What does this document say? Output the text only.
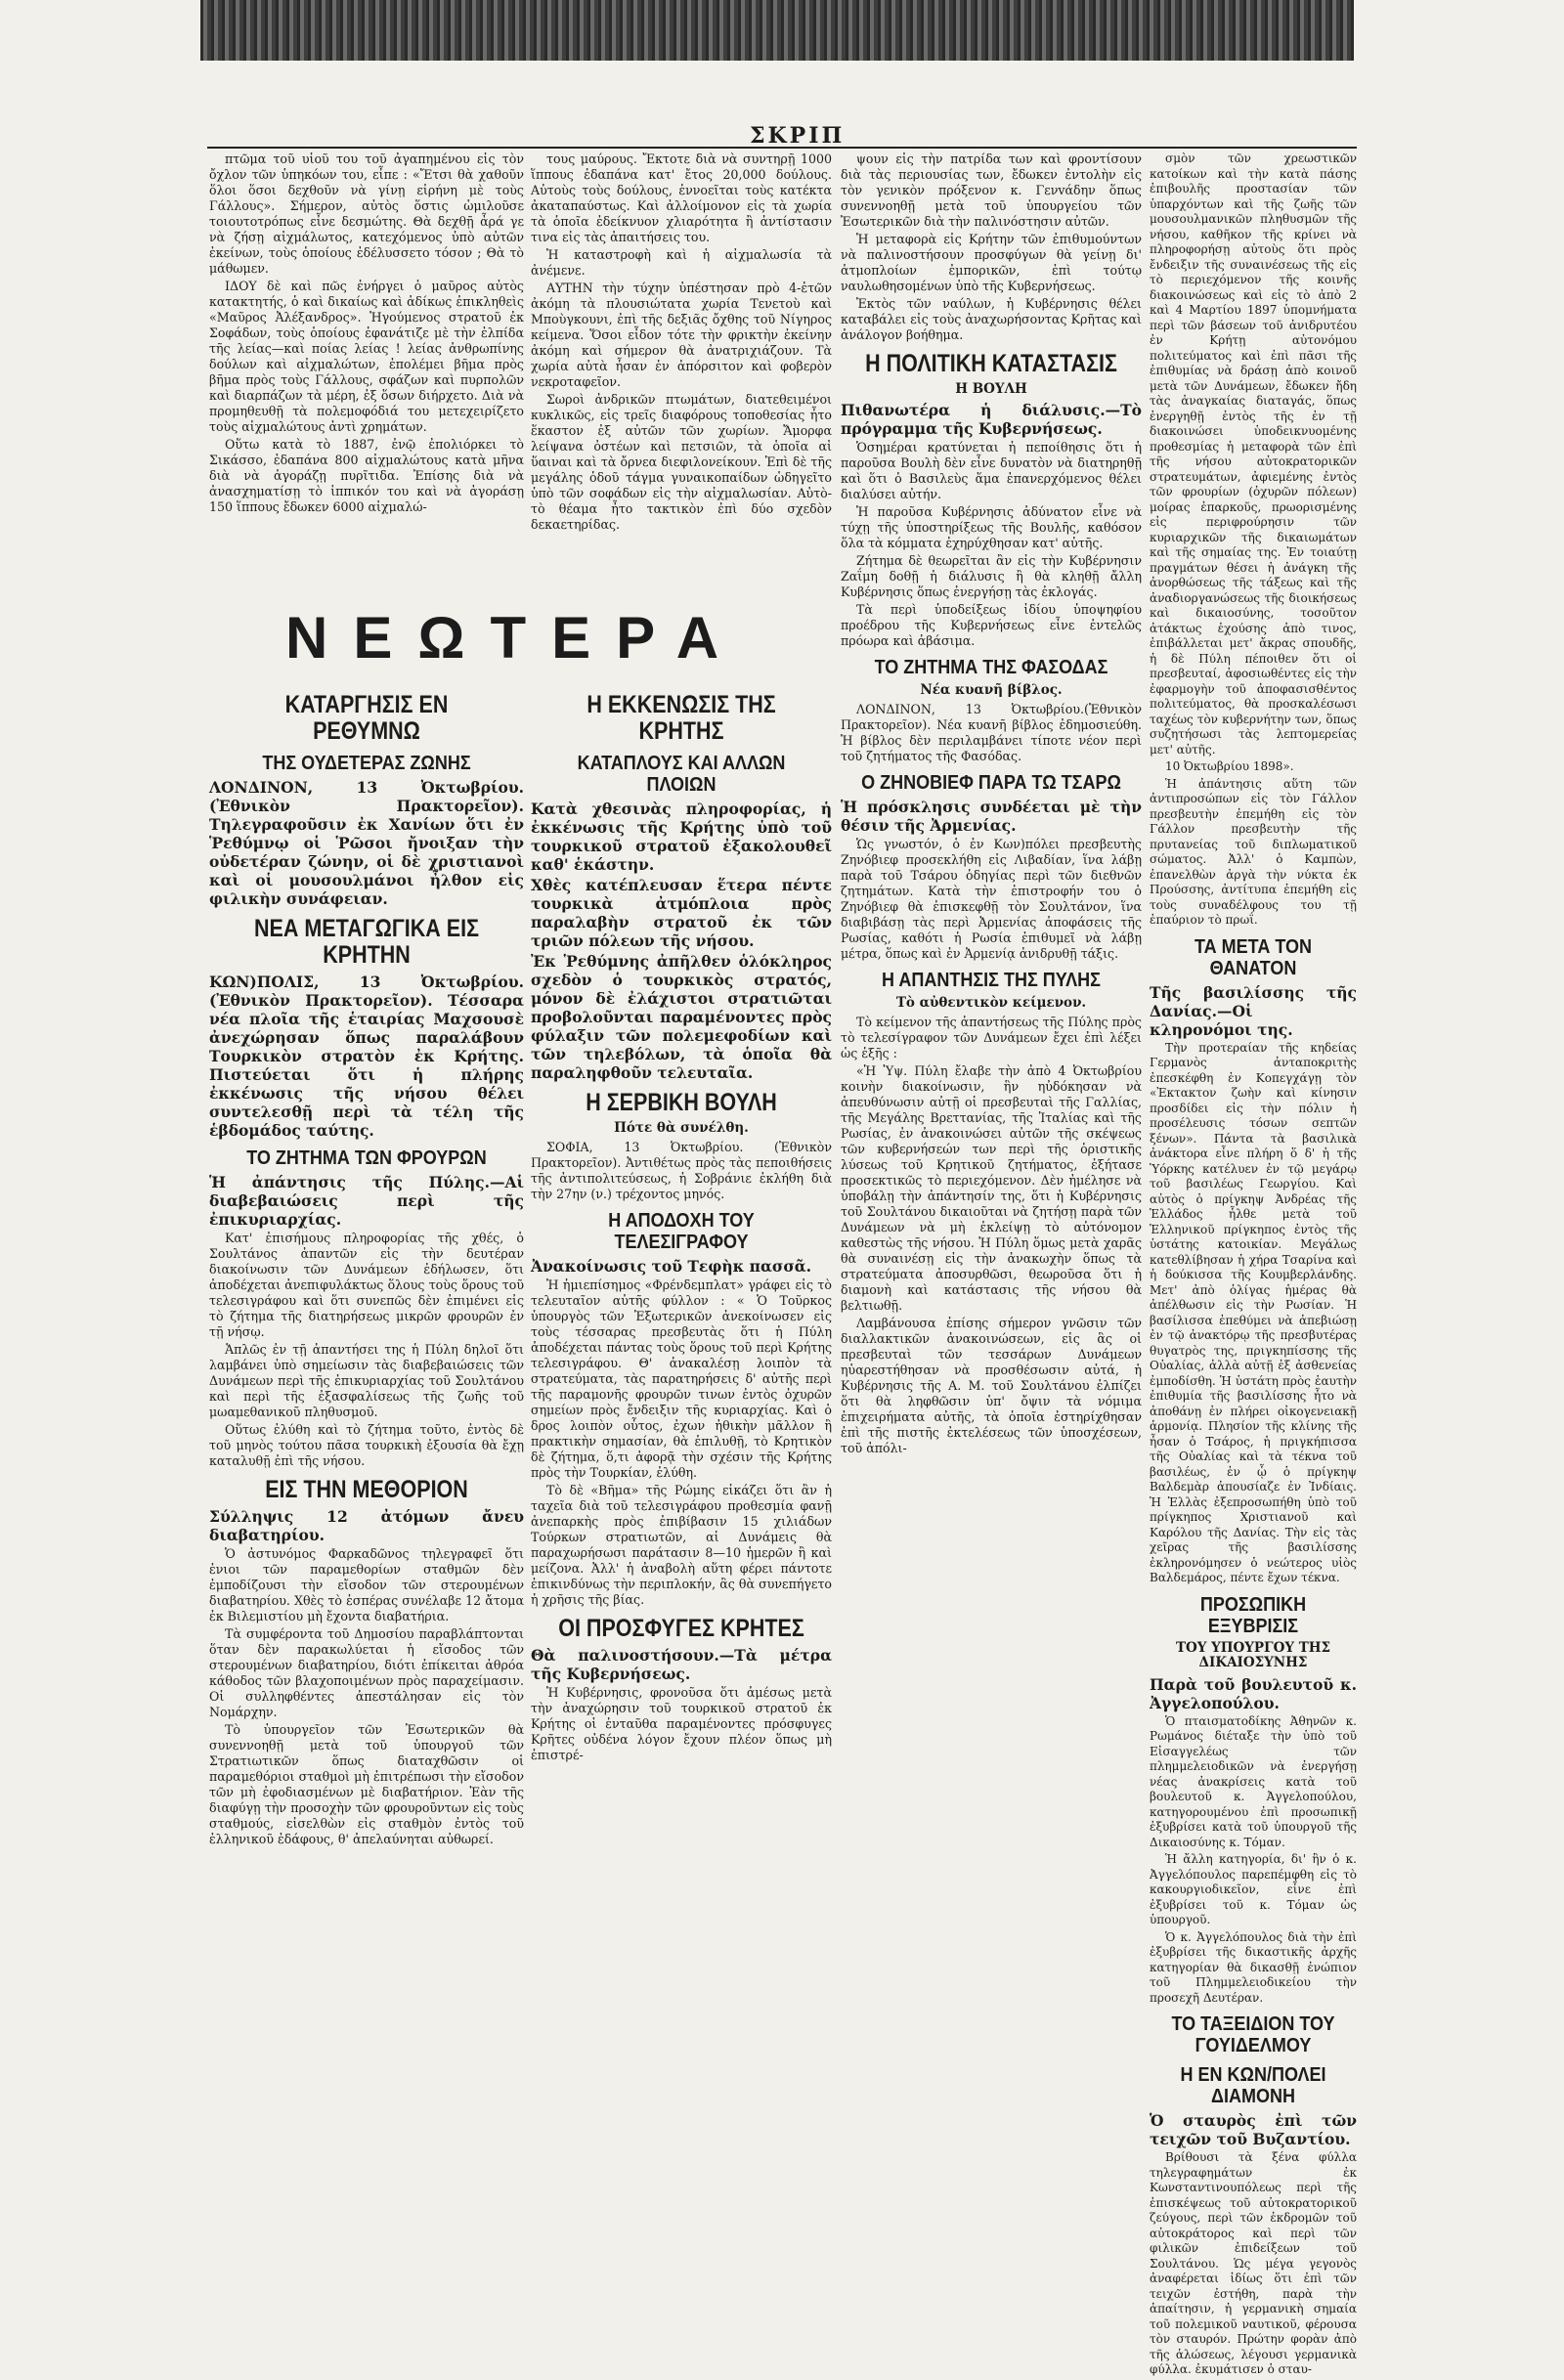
ΣΚΡΙΠ

πτῶμα τοῦ υἱοῦ του τοῦ ἀγαπημένου εἰς τὸν ὄχλον τῶν ὑπηκόων του, εἶπε : «Ἔτσι θὰ χαθοῦν ὅλοι ὅσοι δεχθοῦν νὰ γίνῃ εἰρήνη μὲ τοὺς Γάλλους». Σήμερον, αὐτὸς ὅστις ὡμιλοῦσε τοιουτοτρόπως εἶνε δεσμώτης. Θὰ δεχθῇ ἆρά γε νὰ ζήσῃ αἰχμάλωτος, κατεχόμενος ὑπὸ αὐτῶν ἐκείνων, τοὺς ὁποίους ἐδέλυσσετο τόσον ; Θὰ τὸ μάθωμεν.

ΙΔΟΥ δὲ καὶ πῶς ἐνήργει ὁ μαῦρος αὐτὸς κατακτητής, ὁ καὶ δικαίως καὶ ἀδίκως ἐπικληθεὶς «Μαῦρος Ἀλέξανδρος». Ἡγούμενος στρατοῦ ἐκ Σοφάδων, τοὺς ὁποίους ἐφανάτιζε μὲ τὴν ἐλπίδα τῆς λείας—καὶ ποίας λείας ! λείας ἀνθρωπίνης δούλων καὶ αἰχμαλώτων, ἐπολέμει βῆμα πρὸς βῆμα πρὸς τοὺς Γάλλους, σφάζων καὶ πυρπολῶν καὶ διαρπάζων τὰ μέρη, ἐξ ὅσων διήρχετο. Διὰ νὰ προμηθευθῇ τὰ πολεμοφόδιά του μετεχειρίζετο τοὺς αἰχμαλώτους ἀντὶ χρημάτων.

Οὕτω κατὰ τὸ 1887, ἐνῷ ἐπολιόρκει τὸ Σικάσσο, ἐδαπάνα 800 αἰχμαλώτους κατὰ μῆνα διὰ νὰ ἀγοράζῃ πυρῖτιδα. Ἐπίσης διὰ νὰ ἀνασχηματίσῃ τὸ ἱππικόν του καὶ νὰ ἀγοράσῃ 150 ἵππους ἔδωκεν 6000 αἰχμαλώ-

τους μαύρους. Ἔκτοτε διὰ νὰ συντηρῇ 1000 ἵππους ἐδαπάνα κατ' ἔτος 20,000 δούλους. Αὐτοὺς τοὺς δούλους, ἐννοεῖται τοὺς κατέκτα ἀκαταπαύστως. Καὶ ἀλλοίμονον εἰς τὰ χωρία τὰ ὁποῖα ἐδείκνυον χλιαρότητα ἢ ἀντίστασιν τινα εἰς τὰς ἀπαιτήσεις του.

Ἡ καταστροφὴ καὶ ἡ αἰχμαλωσία τὰ ἀνέμενε.

ΑΥΤΗΝ τὴν τύχην ὑπέστησαν πρὸ 4-ἐτῶν ἀκόμη τὰ πλουσιώτατα χωρία Τενετοὺ καὶ Μποὺγκουνι, ἐπὶ τῆς δεξιᾶς ὄχθης τοῦ Νίγηρος κείμενα. Ὅσοι εἶδον τότε τὴν φρικτὴν ἐκείνην ἀκόμη καὶ σήμερον θὰ ἀνατριχιάζουν. Τὰ χωρία αὐτὰ ἦσαν ἐν ἀπόρσιτον καὶ φοβερὸν νεκροταφεῖον.

Σωροὶ ἀνδρικῶν πτωμάτων, διατεθειμένοι κυκλικῶς, εἰς τρεῖς διαφόρους τοποθεσίας ἦτο ἕκαστον ἐξ αὐτῶν τῶν χωρίων. Ἄμορφα λείψανα ὀστέων καὶ πετσιῶν, τὰ ὁποῖα αἱ ὕαιναι καὶ τὰ ὄρνεα διεφιλονείκουν. Ἐπὶ δὲ τῆς μεγάλης ὁδοῦ τάγμα γυναικοπαίδων ὡδηγεῖτο ὑπὸ τῶν σοφάδων εἰς τὴν αἰχμαλωσίαν. Αὐτὸ-τὸ θέαμα ἦτο τακτικὸν ἐπὶ δύο σχεδὸν δεκαετηρίδας.

ΝΕΩΤΕΡΑ
ΚΑΤΑΡΓΗΣΙΣ ΕΝ ΡΕΘΥΜΝΩ
ΤΗΣ ΟΥΔΕΤΕΡΑΣ ΖΩΝΗΣ

ΛΟΝΔΙΝΟΝ, 13 Ὀκτωβρίου. (Ἐθνικὸν Πρακτορεῖον). Τηλεγραφοῦσιν ἐκ Χανίων ὅτι ἐν Ῥεθύμνῳ οἱ Ῥῶσοι ἤνοιξαν τὴν οὐδετέραν ζώνην, οἱ δὲ χριστιανοὶ καὶ οἱ μουσουλμάνοι ἦλθον εἰς φιλικὴν συνάφειαν.

ΝΕΑ ΜΕΤΑΓΩΓΙΚΑ ΕΙΣ ΚΡΗΤΗΝ

ΚΩΝ)ΠΟΛΙΣ, 13 Ὀκτωβρίου. (Ἐθνικὸν Πρακτορεῖον). Τέσσαρα νέα πλοῖα τῆς ἑταιρίας Μαχσουσὲ ἀνεχώρησαν ὅπως παραλάβουν Τουρκικὸν στρατὸν ἐκ Κρήτης. Πιστεύεται ὅτι ἡ πλήρης ἐκκένωσις τῆς νήσου θέλει συντελεσθῇ περὶ τὰ τέλη τῆς ἑβδομάδος ταύτης.

ΤΟ ΖΗΤΗΜΑ ΤΩΝ ΦΡΟΥΡΩΝ

Ἡ ἀπάντησις τῆς Πύλης.—Αἱ διαβεβαιώσεις περὶ τῆς ἐπικυριαρχίας.

Κατ' ἐπισήμους πληροφορίας τῆς χθές, ὁ Σουλτάνος ἀπαντῶν εἰς τὴν δευτέραν διακοίνωσιν τῶν Δυνάμεων ἐδήλωσεν, ὅτι ἀποδέχεται ἀνεπιφυλάκτως ὅλους τοὺς ὅρους τοῦ τελεσιγράφου καὶ ὅτι συνεπῶς δὲν ἐπιμένει εἰς τὸ ζήτημα τῆς διατηρήσεως μικρῶν φρουρῶν ἐν τῇ νήσῳ.

Ἁπλῶς ἐν τῇ ἀπαντήσει της ἡ Πύλη δηλοῖ ὅτι λαμβάνει ὑπὸ σημείωσιν τὰς διαβεβαιώσεις τῶν Δυνάμεων περὶ τῆς ἐπικυριαρχίας τοῦ Σουλτάνου καὶ περὶ τῆς ἐξασφαλίσεως τῆς ζωῆς τοῦ μωαμεθανικοῦ πληθυσμοῦ.

Οὕτως ἐλύθη καὶ τὸ ζήτημα τοῦτο, ἐντὸς δὲ τοῦ μηνὸς τούτου πᾶσα τουρκικὴ ἐξουσία θὰ ἔχῃ καταλυθῇ ἐπὶ τῆς νήσου.

ΕΙΣ ΤΗΝ ΜΕΘΟΡΙΟΝ

Σύλληψις 12 ἀτόμων ἄνευ διαβατηρίου.

Ὁ ἀστυνόμος Φαρκαδῶνος τηλεγραφεῖ ὅτι ἐνιοι τῶν παραμεθορίων σταθμῶν δὲν ἐμποδίζουσι τὴν εἴσοδον τῶν στερουμένων διαβατηρίου. Χθὲς τὸ ἑσπέρας συνέλαβε 12 ἄτομα ἐκ Βιλεμιστίου μὴ ἔχοντα διαβατήρια.

Τὰ συμφέροντα τοῦ Δημοσίου παραβλάπτονται ὅταν δὲν παρακωλύεται ἡ εἴσοδος τῶν στερουμένων διαβατηρίου, διότι ἐπίκειται ἀθρόα κάθοδος τῶν βλαχοποιμένων πρὸς παραχείμασιν. Οἱ συλληφθέντες ἀπεστάλησαν εἰς τὸν Νομάρχην.

Τὸ ὑπουργεῖον τῶν Ἐσωτερικῶν θὰ συνεννοηθῇ μετὰ τοῦ ὑπουργοῦ τῶν Στρατιωτικῶν ὅπως διαταχθῶσιν οἱ παραμεθόριοι σταθμοὶ μὴ ἐπιτρέπωσι τὴν εἴσοδον τῶν μὴ ἐφοδιασμένων μὲ διαβατήριον. Ἐὰν τῆς διαφύγῃ τὴν προσοχὴν τῶν φρουροῦντων εἰς τοὺς σταθμούς, εἰσελθὼν εἰς σταθμὸν ἐντὸς τοῦ ἑλληνικοῦ ἐδάφους, θ' ἀπελαύνηται αὐθωρεί.

Η ΕΚΚΕΝΩΣΙΣ ΤΗΣ ΚΡΗΤΗΣ
ΚΑΤΑΠΛΟΥΣ ΚΑΙ ΑΛΛΩΝ ΠΛΟΙΩΝ

Κατὰ χθεσινὰς πληροφορίας, ἡ ἐκκένωσις τῆς Κρήτης ὑπὸ τοῦ τουρκικοῦ στρατοῦ ἐξακολουθεῖ καθ' ἑκάστην.

Χθὲς κατέπλευσαν ἕτερα πέντε τουρκικὰ ἀτμόπλοια πρὸς παραλαβὴν στρατοῦ ἐκ τῶν τριῶν πόλεων τῆς νήσου.

Ἐκ Ῥεθύμνης ἀπῆλθεν ὁλόκληρος σχεδὸν ὁ τουρκικὸς στρατός, μόνον δὲ ἐλάχιστοι στρατιῶται προβολοῦνται παραμένοντες πρὸς φύλαξιν τῶν πολεμεφοδίων καὶ τῶν τηλεβόλων, τὰ ὁποῖα θὰ παραληφθοῦν τελευταῖα.

Η ΣΕΡΒΙΚΗ ΒΟΥΛΗ
Πότε θὰ συνέλθη.

ΣΟΦΙΑ, 13 Ὀκτωβρίου. (Ἐθνικὸν Πρακτορεῖον). Ἀντιθέτως πρὸς τὰς πεποιθήσεις τῆς ἀντιπολιτεύσεως, ἡ Σοβράνιε ἐκλήθη διὰ τὴν 27ην (ν.) τρέχοντος μηνός.

Η ΑΠΟΔΟΧΗ ΤΟΥ ΤΕΛΕΣΙΓΡΑΦΟΥ

Ἀνακοίνωσις τοῦ Τεφὴκ πασσᾶ.

Ἡ ἡμιεπίσημος «Φρένδεμπλατ» γράφει εἰς τὸ τελευταῖον αὐτῆς φύλλον : « Ὁ Τοῦρκος ὑπουργὸς τῶν Ἐξωτερικῶν ἀνεκοίνωσεν εἰς τοὺς τέσσαρας πρεσβευτὰς ὅτι ἡ Πύλη ἀποδέχεται πάντας τοὺς ὅρους τοῦ περὶ Κρήτης τελεσιγράφου. Θ' ἀνακαλέσῃ λοιπὸν τὰ στρατεύματα, τὰς παρατηρήσεις δ' αὐτῆς περὶ τῆς παραμονῆς φρουρῶν τινων ἐντὸς ὀχυρῶν σημείων πρὸς ἔνδειξιν τῆς κυριαρχίας. Καὶ ὁ δρος λοιπὸν οὗτος, ἐχων ἠθικὴν μᾶλλον ἢ πρακτικὴν σημασίαν, θὰ ἐπιλυθῇ, τὸ Κρητικὸν δὲ ζήτημα, ὅ,τι ἀφορᾷ τὴν σχέσιν τῆς Κρήτης πρὸς τὴν Τουρκίαν, ἐλύθη.

Τὸ δὲ «Βῆμα» τῆς Ρώμης εἰκάζει ὅτι ἂν ἡ ταχεῖα διὰ τοῦ τελεσιγράφου προθεσμία φανῇ ἀνεπαρκὴς πρὸς ἐπιβίβασιν 15 χιλιάδων Τούρκων στρατιωτῶν, αἱ Δυνάμεις θὰ παραχωρήσωσι παράτασιν 8—10 ἡμερῶν ἢ καὶ μείζονα. Ἀλλ' ἡ ἀναβολὴ αὕτη φέρει πάντοτε ἐπικινδύνως τὴν περιπλοκήν, ἂς θὰ συνεπήγετο ἡ χρῆσις τῆς βίας.

ΟΙ ΠΡΟΣΦΥΓΕΣ ΚΡΗΤΕΣ

Θὰ παλινοστήσουν.—Τὰ μέτρα τῆς Κυβερνήσεως.

Ἡ Κυβέρνησις, φρονοῦσα ὅτι ἀμέσως μετὰ τὴν ἀναχώρησιν τοῦ τουρκικοῦ στρατοῦ ἐκ Κρήτης οἱ ἐνταῦθα παραμένοντες πρόσφυγες Κρῆτες οὐδένα λόγον ἔχουν πλέον ὅπως μὴ ἐπιστρέ-

ψουν εἰς τὴν πατρίδα των καὶ φροντίσουν διὰ τὰς περιουσίας των, ἔδωκεν ἐντολὴν εἰς τὸν γενικὸν πρόξενον κ. Γενvάδην ὅπως συνεννοηθῇ μετὰ τοῦ ὑπουργείου τῶν Ἐσωτερικῶν διὰ τὴν παλινόστησιν αὐτῶν.

Ἡ μεταφορὰ εἰς Κρήτην τῶν ἐπιθυμούντων νὰ παλινοστήσουν προσφύγων θὰ γείνῃ δι' ἀτμοπλοίων ἐμπορικῶν, ἐπὶ τούτῳ ναυλωθησομένων ὑπὸ τῆς Κυβερνήσεως.

Ἐκτὸς τῶν ναύλων, ἡ Κυβέρνησις θέλει καταβάλει εἰς τοὺς ἀναχωρήσοντας Κρῆτας καὶ ἀνάλογον βοήθημα.

Η ΠΟΛΙΤΙΚΗ ΚΑΤΑΣΤΑΣΙΣ
Η ΒΟΥΛΗ

Πιθανωτέρα ἡ διάλυσις.—Τὸ πρόγραμμα τῆς Κυβερνήσεως.

Ὁσημέραι κρατύνεται ἡ πεποίθησις ὅτι ἡ παροῦσα Βουλὴ δὲν εἶνε δυνατὸν νὰ διατηρηθῇ καὶ ὅτι ὁ Βασιλεὺς ἅμα ἐπανερχόμενος θέλει διαλύσει αὐτήν.

Ἡ παροῦσα Κυβέρνησις ἀδύνατον εἶνε νὰ τύχῃ τῆς ὑποστηρίξεως τῆς Βουλῆς, καθόσον ὅλα τὰ κόμματα ἐχηρύχθησαν κατ' αὐτῆς.

Ζήτημα δὲ θεωρεῖται ἂν εἰς τὴν Κυβέρνησιν Ζαΐμη δοθῇ ἡ διάλυσις ἢ θὰ κληθῇ ἄλλη Κυβέρνησις ὅπως ἐνεργήσῃ τὰς ἐκλογάς.

Τὰ περὶ ὑποδείξεως ἰδίου ὑποψηφίου προέδρου τῆς Κυβερνήσεως εἶνε ἐντελῶς πρόωρα καὶ ἀβάσιμα.

ΤΟ ΖΗΤΗΜΑ ΤΗΣ ΦΑΣΟΔΑΣ
Νέα κυανῆ βίβλος.

ΛΟΝΔΙΝΟΝ, 13 Ὀκτωβρίου.(Ἐθνικὸν Πρακτορεῖον). Νέα κυανῆ βίβλος ἐδημοσιεύθη. Ἡ βίβλος δὲν περιλαμβάνει τίποτε νέον περὶ τοῦ ζητήματος τῆς Φασόδας.

Ο ΖΗΝΟΒΙΕΦ ΠΑΡΑ ΤΩ ΤΣΑΡΩ

Ἡ πρόσκλησις συνδέεται μὲ τὴν θέσιν τῆς Ἀρμενίας.

Ὡς γνωστόν, ὁ ἐν Κων)πόλει πρεσβευτὴς Ζηνόβιεφ προσεκλήθη εἰς Λιβαδίαν, ἵνα λάβῃ παρὰ τοῦ Τσάρου ὁδηγίας περὶ τῶν διεθνῶν ζητημάτων. Κατὰ τὴν ἐπιστροφήν του ὁ Ζηνόβιεφ θὰ ἐπισκεφθῇ τὸν Σουλτάνον, ἵνα διαβιβάσῃ τὰς περὶ Ἀρμενίας ἀποφάσεις τῆς Ρωσίας, καθότι ἡ Ρωσία ἐπιθυμεῖ νὰ λάβῃ μέτρα, ὅπως καὶ ἐν Ἀρμενίᾳ ἀνιδρυθῇ τάξις.

Η ΑΠΑΝΤΗΣΙΣ ΤΗΣ ΠΥΛΗΣ
Τὸ αὐθεντικὸν κείμενον.

Τὸ κείμενον τῆς ἀπαντήσεως τῆς Πύλης πρὸς τὸ τελεσίγραφον τῶν Δυνάμεων ἔχει ἐπὶ λέξει ὡς ἑξῆς :

«Ἡ Ὑψ. Πύλη ἔλαβε τὴν ἀπὸ 4 Ὀκτωβρίου κοινὴν διακοίνωσιν, ἣν ηὐδόκησαν νὰ ἀπευθύνωσιν αὐτῇ οἱ πρεσβευταὶ τῆς Γαλλίας, τῆς Μεγάλης Βρεττανίας, τῆς Ἰταλίας καὶ τῆς Ρωσίας, ἐν ἀνακοινώσει αὐτῶν τῆς σκέψεως τῶν κυβερνήσεών των περὶ τῆς ὁριστικῆς λύσεως τοῦ Κρητικοῦ ζητήματος, ἐξήτασε προσεκτικῶς τὸ περιεχόμενον. Δὲν ἠμέλησε νὰ ὑποβάλῃ τὴν ἀπάντησίν της, ὅτι ἡ Κυβέρνησις τοῦ Σουλτάνου δικαιοῦται νὰ ζητήσῃ παρὰ τῶν Δυνάμεων νὰ μὴ ἐκλείψῃ τὸ αὐτόνομον καθεστὼς τῆς νήσου. Ἡ Πύλη ὅμως μετὰ χαρᾶς θὰ συναινέσῃ εἰς τὴν ἀνακωχὴν ὅπως τὰ στρατεύματα ἀποσυρθῶσι, θεωροῦσα ὅτι ἡ διαμονὴ καὶ κατάστασις τῆς νήσου θὰ βελτιωθῇ.

Λαμβάνουσα ἐπίσης σήμερον γνῶσιν τῶν διαλλακτικῶν ἀνακοινώσεων, εἰς ἃς οἱ πρεσβευταὶ τῶν τεσσάρων Δυνάμεων ηὐαρεστήθησαν νὰ προσθέσωσιν αὐτά, ἡ Κυβέρνησις τῆς Α. Μ. τοῦ Σουλτάνου ἐλπίζει ὅτι θὰ ληφθῶσιν ὑπ' ὄψιν τὰ νόμιμα ἐπιχειρήματα αὐτῆς, τὰ ὁποῖα ἐστηρίχθησαν ἐπὶ τῆς πιστῆς ἐκτελέσεως τῶν ὑποσχέσεων, τοῦ ἀπόλι-

σμὸν τῶν χρεωστικῶν κατοίκων καὶ τὴν κατὰ πάσης ἐπιβουλῆς προστασίαν τῶν ὑπαρχόντων καὶ τῆς ζωῆς τῶν μουσουλμανικῶν πληθυσμῶν τῆς νήσου, καθῆκον τῆς κρίνει νὰ πληροφορήσῃ αὐτοὺς ὅτι πρὸς ἔνδειξιν τῆς συναινέσεως τῆς εἰς τὸ περιεχόμενον τῆς κοινῆς διακοινώσεως καὶ εἰς τὸ ἀπὸ 2 καὶ 4 Μαρτίου 1897 ὑπομνήματα περὶ τῶν βάσεων τοῦ ἀνιδρυτέου ἐν Κρήτῃ αὐτονόμου πολιτεύματος καὶ ἐπὶ πᾶσι τῆς ἐπιθυμίας νὰ δράσῃ ἀπὸ κοινοῦ μετὰ τῶν Δυνάμεων, ἔδωκεν ἤδη τὰς ἀναγκαίας διαταγάς, ὅπως ἐνεργηθῇ ἐντὸς τῆς ἐν τῇ διακοινώσει ὑποδεικνυομένης προθεσμίας ἡ μεταφορὰ τῶν ἐπὶ τῆς νήσου αὐτοκρατορικῶν στρατευμάτων, ἀφιεμένης ἐντὸς τῶν φρουρίων (ὀχυρῶν πόλεων) μοίρας ἐπαρκοῦς, πρωορισμένης εἰς περιφρούρησιν τῶν κυριαρχικῶν τῆς δικαιωμάτων καὶ τῆς σημαίας της. Ἐν τοιαύτῃ πραγμάτων θέσει ἡ ἀνάγκη τῆς ἀνορθώσεως τῆς τάξεως καὶ τῆς ἀναδιοργανώσεως τῆς διοικήσεως καὶ δικαιοσύνης, τοσοῦτον ἀτάκτως ἐχούσης ἀπὸ τινος, ἐπιβάλλεται μετ' ἄκρας σπουδῆς, ἡ δὲ Πύλη πέποιθεν ὅτι οἱ πρεσβευταί, ἀφοσιωθέντες εἰς τὴν ἐφαρμογὴν τοῦ ἀποφασισθέντος πολιτεύματος, θὰ προσκαλέσωσι ταχέως τὸν κυβερνήτην των, ὅπως συζητήσωσι τὰς λεπτομερείας μετ' αὐτῆς.

10 Ὀκτωβρίου 1898».

Ἡ ἀπάντησις αὕτη τῶν ἀντιπροσώπων εἰς τὸν Γάλλον πρεσβευτὴν ἐπεμήθη εἰς τὸν Γάλλον πρεσβευτὴν τῆς πρυτανείας τοῦ διπλωματικοῦ σώματος. Ἀλλ' ὁ Καμπὼν, ἐπανελθὼν ἀργὰ τὴν νύκτα ἐκ Προύσσης, ἀντίτυπα ἐπεμήθη εἰς τοὺς συναδέλφους του τῇ ἐπαύριον τὸ πρωΐ.

ΤΑ ΜΕΤΑ ΤΟΝ ΘΑΝΑΤΟΝ

Τῆς βασιλίσσης τῆς Δανίας.—Οἱ κληρονόμοι της.

Τὴν προτεραίαν τῆς κηδείας Γερμανὸς ἀνταποκριτὴς ἐπεσκέφθη ἐν Κοπεγχάγῃ τὸν «Ἐκτακτον ζωὴν καὶ κίνησιν προσδίδει εἰς τὴν πόλιν ἡ προσέλευσις τόσων σεπτῶν ξένων». Πάντα τὰ βασιλικὰ ἀνάκτορα εἶνε πλήρη ὅ δ' ἡ τῆς Ὑόρκης κατέλυεν ἐν τῷ μεγάρῳ τοῦ βασιλέως Γεωργίου. Καὶ αὐτὸς ὁ πρίγκηψ Ἀνδρέας τῆς Ἑλλάδος ἦλθε μετὰ τοῦ Ἑλληνικοῦ πρίγκηπος ἐντὸς τῆς ὑστάτης κατοικίαν. Μεγάλως κατεθλίβησαν ἡ χήρα Τσαρίνα καὶ ἡ δούκισσα τῆς Κουμβερλάνδης. Μετ' ἀπὸ ὀλίγας ἡμέρας θὰ ἀπέλθωσιν εἰς τὴν Ρωσίαν. Ἡ βασίλισσα ἐπεθύμει νὰ ἀπεβιώσῃ ἐν τῷ ἀνακτόρῳ τῆς πρεσβυτέρας θυγατρὸς της, πριγκηπίσσης τῆς Οὐαλίας, ἀλλὰ αὐτῇ ἐξ ἀσθενείας ἐμποδίσθη. Ἡ ὑστάτη πρὸς ἑαυτὴν ἐπιθυμία τῆς βασιλίσσης ἦτο νὰ ἀποθάνῃ ἐν πλήρει οἰκογενειακῇ ἁρμονίᾳ. Πλησίον τῆς κλίνης τῆς ἦσαν ὁ Τσάρος, ἡ πριγκήπισσα τῆς Οὐαλίας καὶ τὰ τέκνα τοῦ βασιλέως, ἐν ᾧ ὁ πρίγκηψ Βαλδεμὰρ ἀπουσίαζε ἐν Ἰνδίαις. Ἡ Ἑλλὰς ἐξεπροσωπήθη ὑπὸ τοῦ πρίγκηπος Χριστιανοῦ καὶ Καρόλου τῆς Δανίας. Τὴν εἰς τὰς χεῖρας τῆς βασιλίσσης ἐκληρονόμησεν ὁ νεώτερος υἱὸς Βαλδεμάρος, πέντε ἔχων τέκνα.

ΠΡΟΣΩΠΙΚΗ ΕΞΥΒΡΙΣΙΣ
ΤΟΥ ΥΠΟΥΡΓΟΥ ΤΗΣ ΔΙΚΑΙΟΣΥΝΗΣ

Παρὰ τοῦ βουλευτοῦ κ. Ἀγγελοπούλου.

Ὁ πταισματοδίκης Ἀθηνῶν κ. Ρωμάνος διέταξε τὴν ὑπὸ τοῦ Εἰσαγγελέως τῶν πλημμελειοδικῶν νὰ ἐνεργήσῃ νέας ἀνακρίσεις κατὰ τοῦ βουλευτοῦ κ. Ἀγγελοπούλου, κατηγορουμένου ἐπὶ προσωπικῇ ἐξυβρίσει κατὰ τοῦ ὑπουργοῦ τῆς Δικαιοσύνης κ. Τόμαν.

Ἡ ἄλλη κατηγορία, δι' ἣν ὁ κ. Ἀγγελόπουλος παρεπέμφθη εἰς τὸ κακουργιοδικεῖον, εἶνε ἐπὶ ἐξυβρίσει τοῦ κ. Τόμαν ὡς ὑπουργοῦ.

Ὁ κ. Ἀγγελόπουλος διὰ τὴν ἐπὶ ἐξυβρίσει τῆς δικαστικῆς ἀρχῆς κατηγορίαν θὰ δικασθῇ ἐνώπιον τοῦ Πλημμελειοδικείου τὴν προσεχῆ Δευτέραν.

ΤΟ ΤΑΞΕΙΔΙΟΝ ΤΟΥ ΓΟΥΙΔΕΛΜΟΥ
Η ΕΝ ΚΩΝ/ΠΟΛΕΙ ΔΙΑΜΟΝΗ

Ὁ σταυρὸς ἐπὶ τῶν τειχῶν τοῦ Βυζαντίου.

Βρίθουσι τὰ ξένα φύλλα τηλεγραφημάτων ἐκ Κωνσταντινουπόλεως περὶ τῆς ἐπισκέψεως τοῦ αὐτοκρατορικοῦ ζεύγους, περὶ τῶν ἐκδρομῶν τοῦ αὐτοκράτορος καὶ περὶ τῶν φιλικῶν ἐπιδείξεων τοῦ Σουλτάνου. Ὡς μέγα γεγονὸς ἀναφέρεται ἰδίως ὅτι ἐπὶ τῶν τειχῶν ἐστήθη, παρὰ τὴν ἀπαίτησιν, ἡ γερμανικὴ σημαία τοῦ πολεμικοῦ ναυτικοῦ, φέρουσα τὸν σταυρόν. Πρώτην φορὰν ἀπὸ τῆς ἁλώσεως, λέγουσι γερμανικὰ φύλλα. ἐκυμάτισεν ὁ σταυ-
